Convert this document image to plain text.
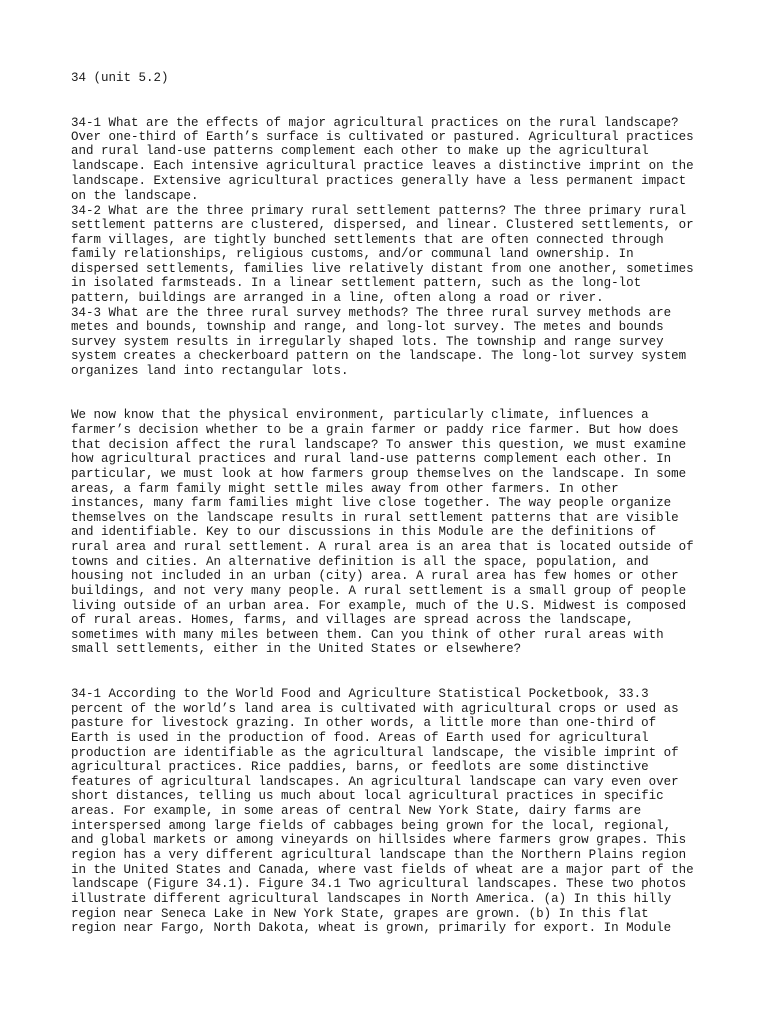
34 (unit 5.2)

34-1 What are the effects of major agricultural practices on the rural landscape?

Over one-third of Earth’s surface is cultivated or pastured. Agricultural practices

and rural land-use patterns complement each other to make up the agricultural

landscape. Each intensive agricultural practice leaves a distinctive imprint on the

landscape. Extensive agricultural practices generally have a less permanent impact

on the landscape.

34-2 What are the three primary rural settlement patterns? The three primary rural

settlement patterns are clustered, dispersed, and linear. Clustered settlements, or

farm villages, are tightly bunched settlements that are often connected through

family relationships, religious customs, and/or communal land ownership. In

dispersed settlements, families live relatively distant from one another, sometimes

in isolated farmsteads. In a linear settlement pattern, such as the long-lot

pattern, buildings are arranged in a line, often along a road or river.

34-3 What are the three rural survey methods? The three rural survey methods are

metes and bounds, township and range, and long-lot survey. The metes and bounds

survey system results in irregularly shaped lots. The township and range survey

system creates a checkerboard pattern on the landscape. The long-lot survey system

organizes land into rectangular lots.

We now know that the physical environment, particularly climate, influences a

farmer’s decision whether to be a grain farmer or paddy rice farmer. But how does

that decision affect the rural landscape? To answer this question, we must examine

how agricultural practices and rural land-use patterns complement each other. In

particular, we must look at how farmers group themselves on the landscape. In some

areas, a farm family might settle miles away from other farmers. In other

instances, many farm families might live close together. The way people organize

themselves on the landscape results in rural settlement patterns that are visible

and identifiable. Key to our discussions in this Module are the definitions of

rural area and rural settlement. A rural area is an area that is located outside of

towns and cities. An alternative definition is all the space, population, and

housing not included in an urban (city) area. A rural area has few homes or other

buildings, and not very many people. A rural settlement is a small group of people

living outside of an urban area. For example, much of the U.S. Midwest is composed

of rural areas. Homes, farms, and villages are spread across the landscape,

sometimes with many miles between them. Can you think of other rural areas with

small settlements, either in the United States or elsewhere?

34-1 According to the World Food and Agriculture Statistical Pocketbook, 33.3

percent of the world’s land area is cultivated with agricultural crops or used as

pasture for livestock grazing. In other words, a little more than one-third of

Earth is used in the production of food. Areas of Earth used for agricultural

production are identifiable as the agricultural landscape, the visible imprint of

agricultural practices. Rice paddies, barns, or feedlots are some distinctive

features of agricultural landscapes. An agricultural landscape can vary even over

short distances, telling us much about local agricultural practices in specific

areas. For example, in some areas of central New York State, dairy farms are

interspersed among large fields of cabbages being grown for the local, regional,

and global markets or among vineyards on hillsides where farmers grow grapes. This

region has a very different agricultural landscape than the Northern Plains region

in the United States and Canada, where vast fields of wheat are a major part of the

landscape (Figure 34.1). Figure 34.1 Two agricultural landscapes. These two photos

illustrate different agricultural landscapes in North America. (a) In this hilly

region near Seneca Lake in New York State, grapes are grown. (b) In this flat

region near Fargo, North Dakota, wheat is grown, primarily for export. In Module
